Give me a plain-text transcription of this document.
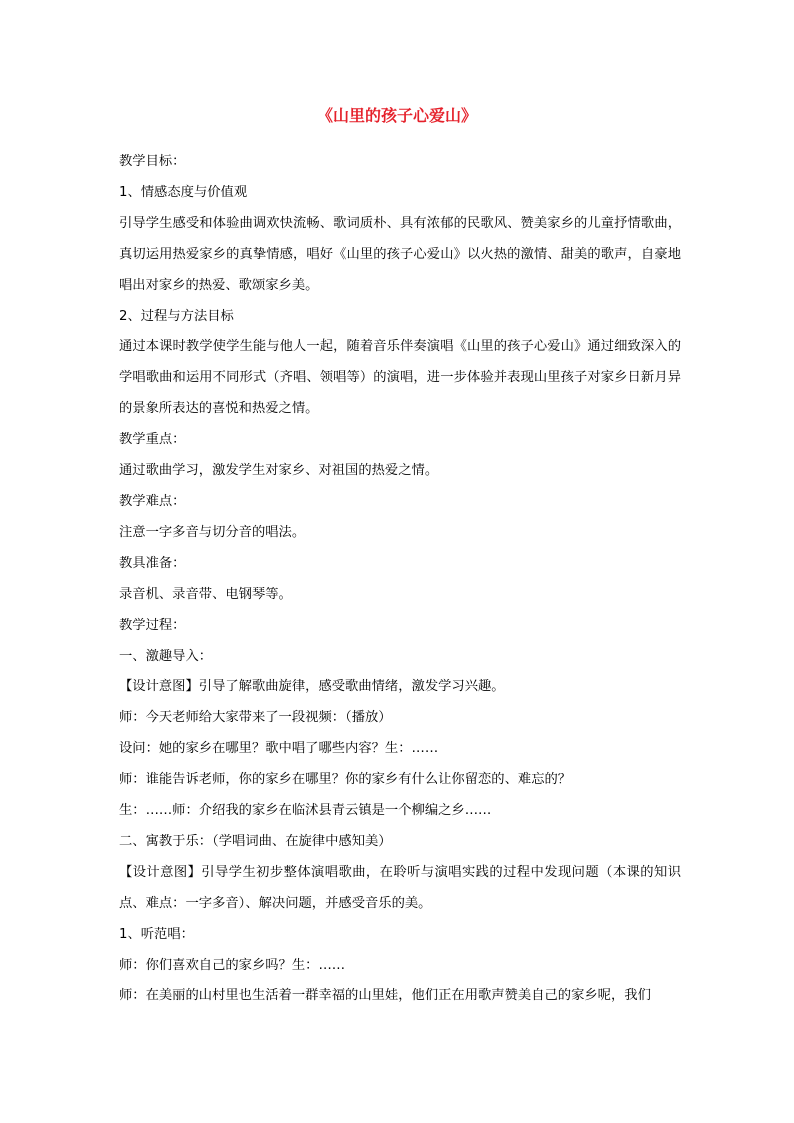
《山里的孩子心爱山》

教学目标：

1、情感态度与价值观

引导学生感受和体验曲调欢快流畅、歌词质朴、具有浓郁的民歌风、赞美家乡的儿童抒情歌曲，真切运用热爱家乡的真挚情感，唱好《山里的孩子心爱山》以火热的激情、甜美的歌声，自豪地唱出对家乡的热爱、歌颂家乡美。

2、过程与方法目标

通过本课时教学使学生能与他人一起，随着音乐伴奏演唱《山里的孩子心爱山》通过细致深入的学唱歌曲和运用不同形式（齐唱、领唱等）的演唱，进一步体验并表现山里孩子对家乡日新月异的景象所表达的喜悦和热爱之情。

教学重点：

通过歌曲学习，激发学生对家乡、对祖国的热爱之情。

教学难点：

注意一字多音与切分音的唱法。

教具准备：

录音机、录音带、电钢琴等。

教学过程：

一、激趣导入：

【设计意图】引导了解歌曲旋律，感受歌曲情绪，激发学习兴趣。

师：今天老师给大家带来了一段视频：（播放）

设问：她的家乡在哪里？歌中唱了哪些内容？生：……

师：谁能告诉老师，你的家乡在哪里？你的家乡有什么让你留恋的、难忘的？

生：……师：介绍我的家乡在临沭县青云镇是一个柳编之乡……

二、寓教于乐：（学唱词曲、在旋律中感知美）

【设计意图】引导学生初步整体演唱歌曲，在聆听与演唱实践的过程中发现问题（本课的知识点、难点：一字多音）、解决问题，并感受音乐的美。

1、听范唱：

师：你们喜欢自己的家乡吗？生：……

师：在美丽的山村里也生活着一群幸福的山里娃，他们正在用歌声赞美自己的家乡呢，我们
